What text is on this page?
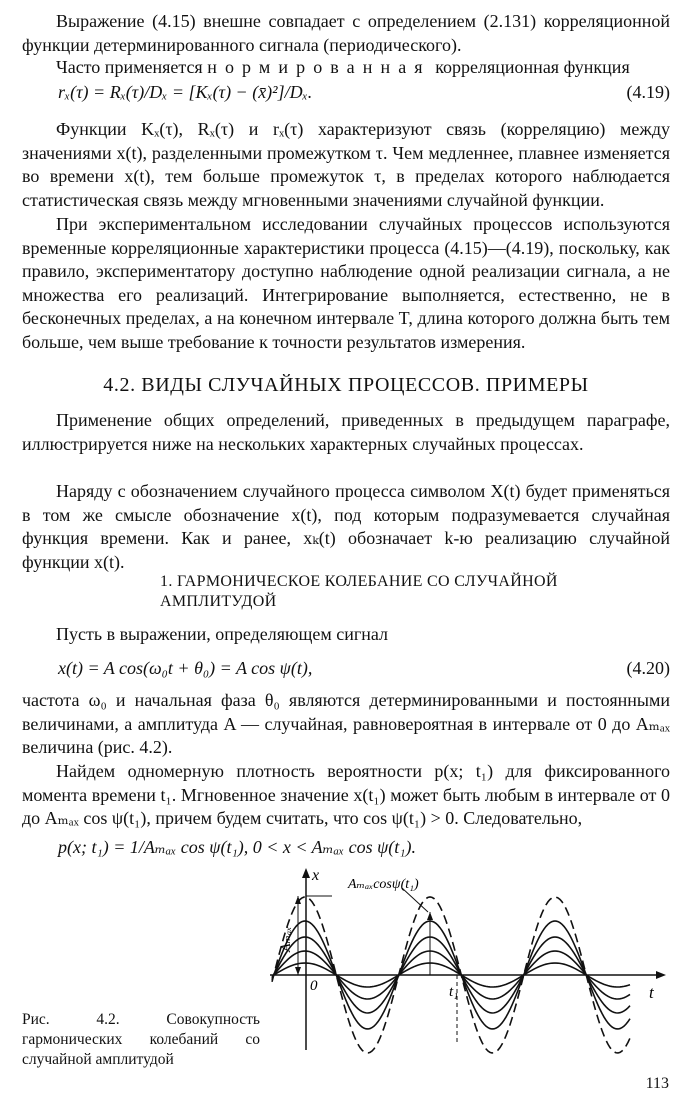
Выражение (4.15) внешне совпадает с определением (2.131) корреляционной функции детерминированного сигнала (периодического).

Часто применяется нормированная корреляционная функция

rₓ(τ) = Rₓ(τ)/Dₓ = [Kₓ(τ) − (x̄)²]/Dₓ.	(4.19)

Функции Kₓ(τ), Rₓ(τ) и rₓ(τ) характеризуют связь (корреляцию) между значениями x(t), разделенными промежутком τ. Чем медленнее, плавнее изменяется во времени x(t), тем больше промежуток τ, в пределах которого наблюдается статистическая связь между мгновенными значениями случайной функции.

При экспериментальном исследовании случайных процессов используются временные корреляционные характеристики процесса (4.15)—(4.19), поскольку, как правило, экспериментатору доступно наблюдение одной реализации сигнала, а не множества его реализаций. Интегрирование выполняется, естественно, не в бесконечных пределах, а на конечном интервале T, длина которого должна быть тем больше, чем выше требование к точности результатов измерения.

4.2. ВИДЫ СЛУЧАЙНЫХ ПРОЦЕССОВ. ПРИМЕРЫ

Применение общих определений, приведенных в предыдущем параграфе, иллюстрируется ниже на нескольких характерных случайных процессах.

Наряду с обозначением случайного процесса символом X(t) будет применяться в том же смысле обозначение x(t), под которым подразумевается случайная функция времени. Как и ранее, xₖ(t) обозначает k-ю реализацию случайной функции x(t).

1. ГАРМОНИЧЕСКОЕ КОЛЕБАНИЕ СО СЛУЧАЙНОЙ
АМПЛИТУДОЙ

Пусть в выражении, определяющем сигнал

x(t) = A cos(ω₀t + θ₀) = A cos ψ(t),	(4.20)

частота ω₀ и начальная фаза θ₀ являются детерминированными и постоянными величинами, а амплитуда A — случайная, равновероятная в интервале от 0 до Aₘₐₓ величина (рис. 4.2).

Найдем одномерную плотность вероятности p(x; t₁) для фиксированного момента времени t₁. Мгновенное значение x(t₁) может быть любым в интервале от 0 до Aₘₐₓ cos ψ(t₁), причем будем считать, что cos ψ(t₁) > 0. Следовательно,

p(x; t₁) = 1/Aₘₐₓ cos ψ(t₁), 0 < x < Aₘₐₓ cos ψ(t₁).
Aₘₐₓ
x
t
0	t₁
Aₘₐₓcosψ(t₁)
Рис. 4.2. Совокупность гармонических колебаний со случайной амплитудой
113
